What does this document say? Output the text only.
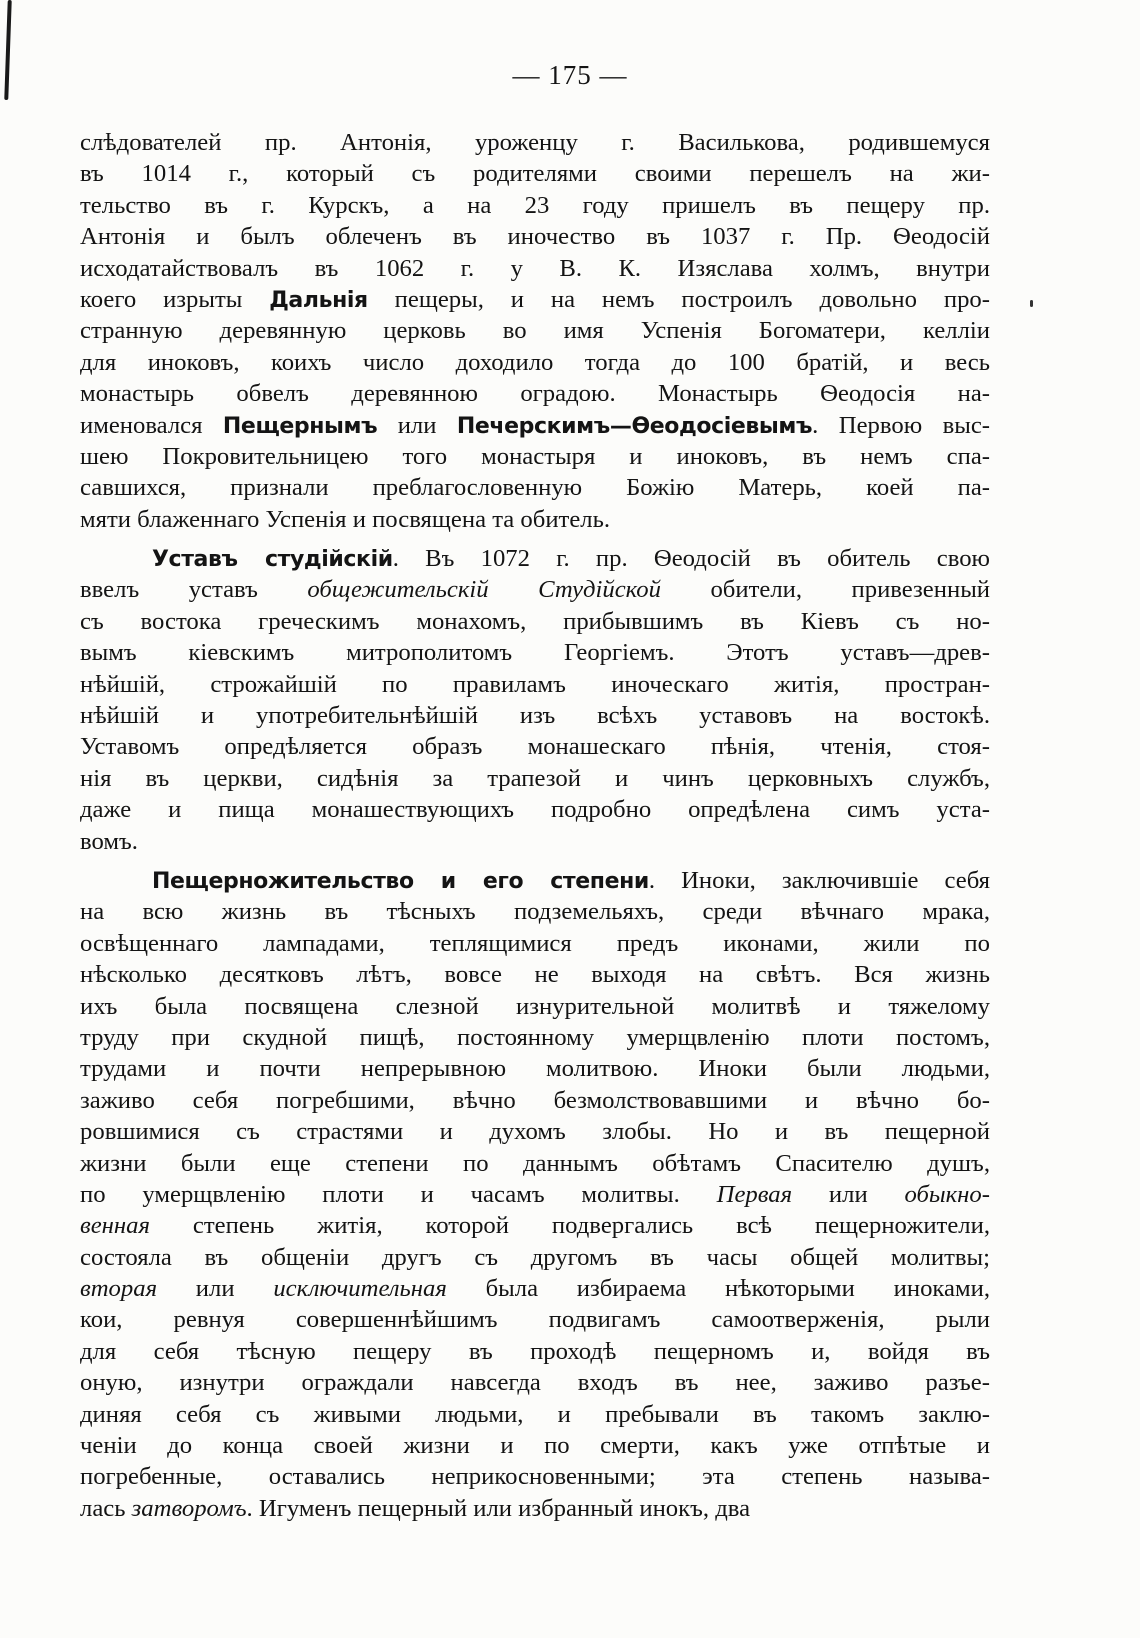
— 175 —

слѣдователей пр. Антонія, уроженцу г. Василькова, родившемуся
въ 1014 г., который съ родителями своими перешелъ на жи-
тельство въ г. Курскъ, а на 23 году пришелъ въ пещеру пр.
Антонія и былъ облеченъ въ иночество въ 1037 г. Пр. Ѳеодосій
исходатайствовалъ въ 1062 г. у В. К. Изяслава холмъ, внутри
коего изрыты Дальнія пещеры, и на немъ построилъ довольно про-
странную деревянную церковь во имя Успенія Богоматери, келліи
для иноковъ, коихъ число доходило тогда до 100 братій, и весь
монастырь обвелъ деревянною оградою. Монастырь Ѳеодосія на-
именовался Пещернымъ или Печерскимъ—Ѳеодосіевымъ. Первою выс-
шею Покровительницею того монастыря и иноковъ, въ немъ спа-
савшихся, признали преблагословенную Божію Матерь, коей па-
мяти блаженнаго Успенія и посвящена та обитель.

Уставъ студійскій. Въ 1072 г. пр. Ѳеодосій въ обитель свою
ввелъ уставъ общежительскій Студійской обители, привезенный
съ востока греческимъ монахомъ, прибывшимъ въ Кіевъ съ но-
вымъ кіевскимъ митрополитомъ Георгіемъ. Этотъ уставъ—древ-
нѣйшій, строжайшій по правиламъ иноческаго житія, простран-
нѣйшій и употребительнѣйшій изъ всѣхъ уставовъ на востокѣ.
Уставомъ опредѣляется образъ монашескаго пѣнія, чтенія, стоя-
нія въ церкви, сидѣнія за трапезой и чинъ церковныхъ службъ,
даже и пища монашествующихъ подробно опредѣлена симъ уста-
вомъ.

Пещерножительство и его степени. Иноки, заключившіе себя
на всю жизнь въ тѣсныхъ подземельяхъ, среди вѣчнаго мрака,
освѣщеннаго лампадами, теплящимися предъ иконами, жили по
нѣсколько десятковъ лѣтъ, вовсе не выходя на свѣтъ. Вся жизнь
ихъ была посвящена слезной изнурительной молитвѣ и тяжелому
труду при скудной пищѣ, постоянному умерщвленію плоти постомъ,
трудами и почти непрерывною молитвою. Иноки были людьми,
заживо себя погребшими, вѣчно безмолствовавшими и вѣчно бо-
ровшимися съ страстями и духомъ злобы. Но и въ пещерной
жизни были еще степени по даннымъ обѣтамъ Спасителю душъ,
по умерщвленію плоти и часамъ молитвы. Первая или обыкно-
венная степень житія, которой подвергались всѣ пещерножители,
состояла въ общеніи другъ съ другомъ въ часы общей молитвы;
вторая или исключительная была избираема нѣкоторыми иноками,
кои, ревнуя совершеннѣйшимъ подвигамъ самоотверженія, рыли
для себя тѣсную пещеру въ проходѣ пещерномъ и, войдя въ
оную, изнутри ограждали навсегда входъ въ нее, заживо разъе-
диняя себя съ живыми людьми, и пребывали въ такомъ заклю-
ченіи до конца своей жизни и по смерти, какъ уже отпѣтые и
погребенные, оставались неприкосновенными; эта степень называ-
лась затворомъ. Игуменъ пещерный или избранный инокъ, два
